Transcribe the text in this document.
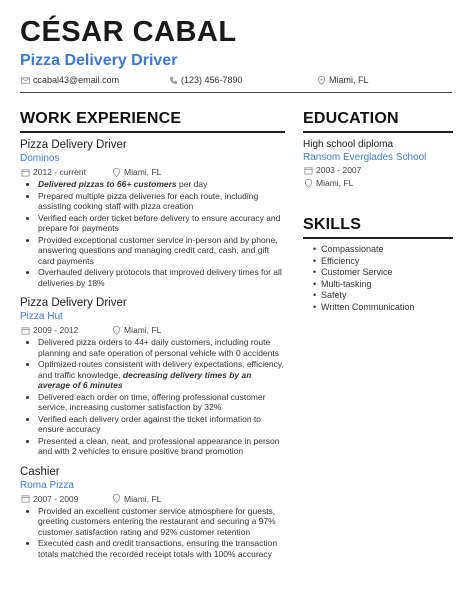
CÉSAR CABAL
Pizza Delivery Driver
ccabal43@email.com	(123) 456-7890	Miami, FL
WORK EXPERIENCE
Pizza Delivery Driver
Dominos
2012 - current	Miami, FL
• Delivered pizzas to 66+ customers per day
• Prepared multiple pizza deliveries for each route, including assisting cooking staff with pizza creation
• Verified each order ticket before delivery to ensure accuracy and prepare for payments
• Provided exceptional customer service in-person and by phone, answering questions and managing credit card, cash, and gift card payments
• Overhauled delivery protocols that improved delivery times for all deliveries by 18%
Pizza Delivery Driver
Pizza Hut
2009 - 2012	Miami, FL
• Delivered pizza orders to 44+ daily customers, including route planning and safe operation of personal vehicle with 0 accidents
• Optimized routes consistent with delivery expectations, efficiency, and traffic knowledge, decreasing delivery times by an average of 6 minutes
• Delivered each order on time, offering professional customer service, increasing customer satisfaction by 32%
• Verified each delivery order against the ticket information to ensure accuracy
• Presented a clean, neat, and professional appearance in person and with 2 vehicles to ensure positive brand promotion
Cashier
Roma Pizza
2007 - 2009	Miami, FL
• Provided an excellent customer service atmosphere for guests, greeting customers entering the restaurant and securing a 97% customer satisfaction rating and 92% customer retention
• Executed cash and credit transactions, ensuring the transaction totals matched the recorded receipt totals with 100% accuracy
EDUCATION
High school diploma
Ransom Everglades School
2003 - 2007
Miami, FL
SKILLS
• Compassionate
• Efficiency
• Customer Service
• Multi-tasking
• Safety
• Written Communication
